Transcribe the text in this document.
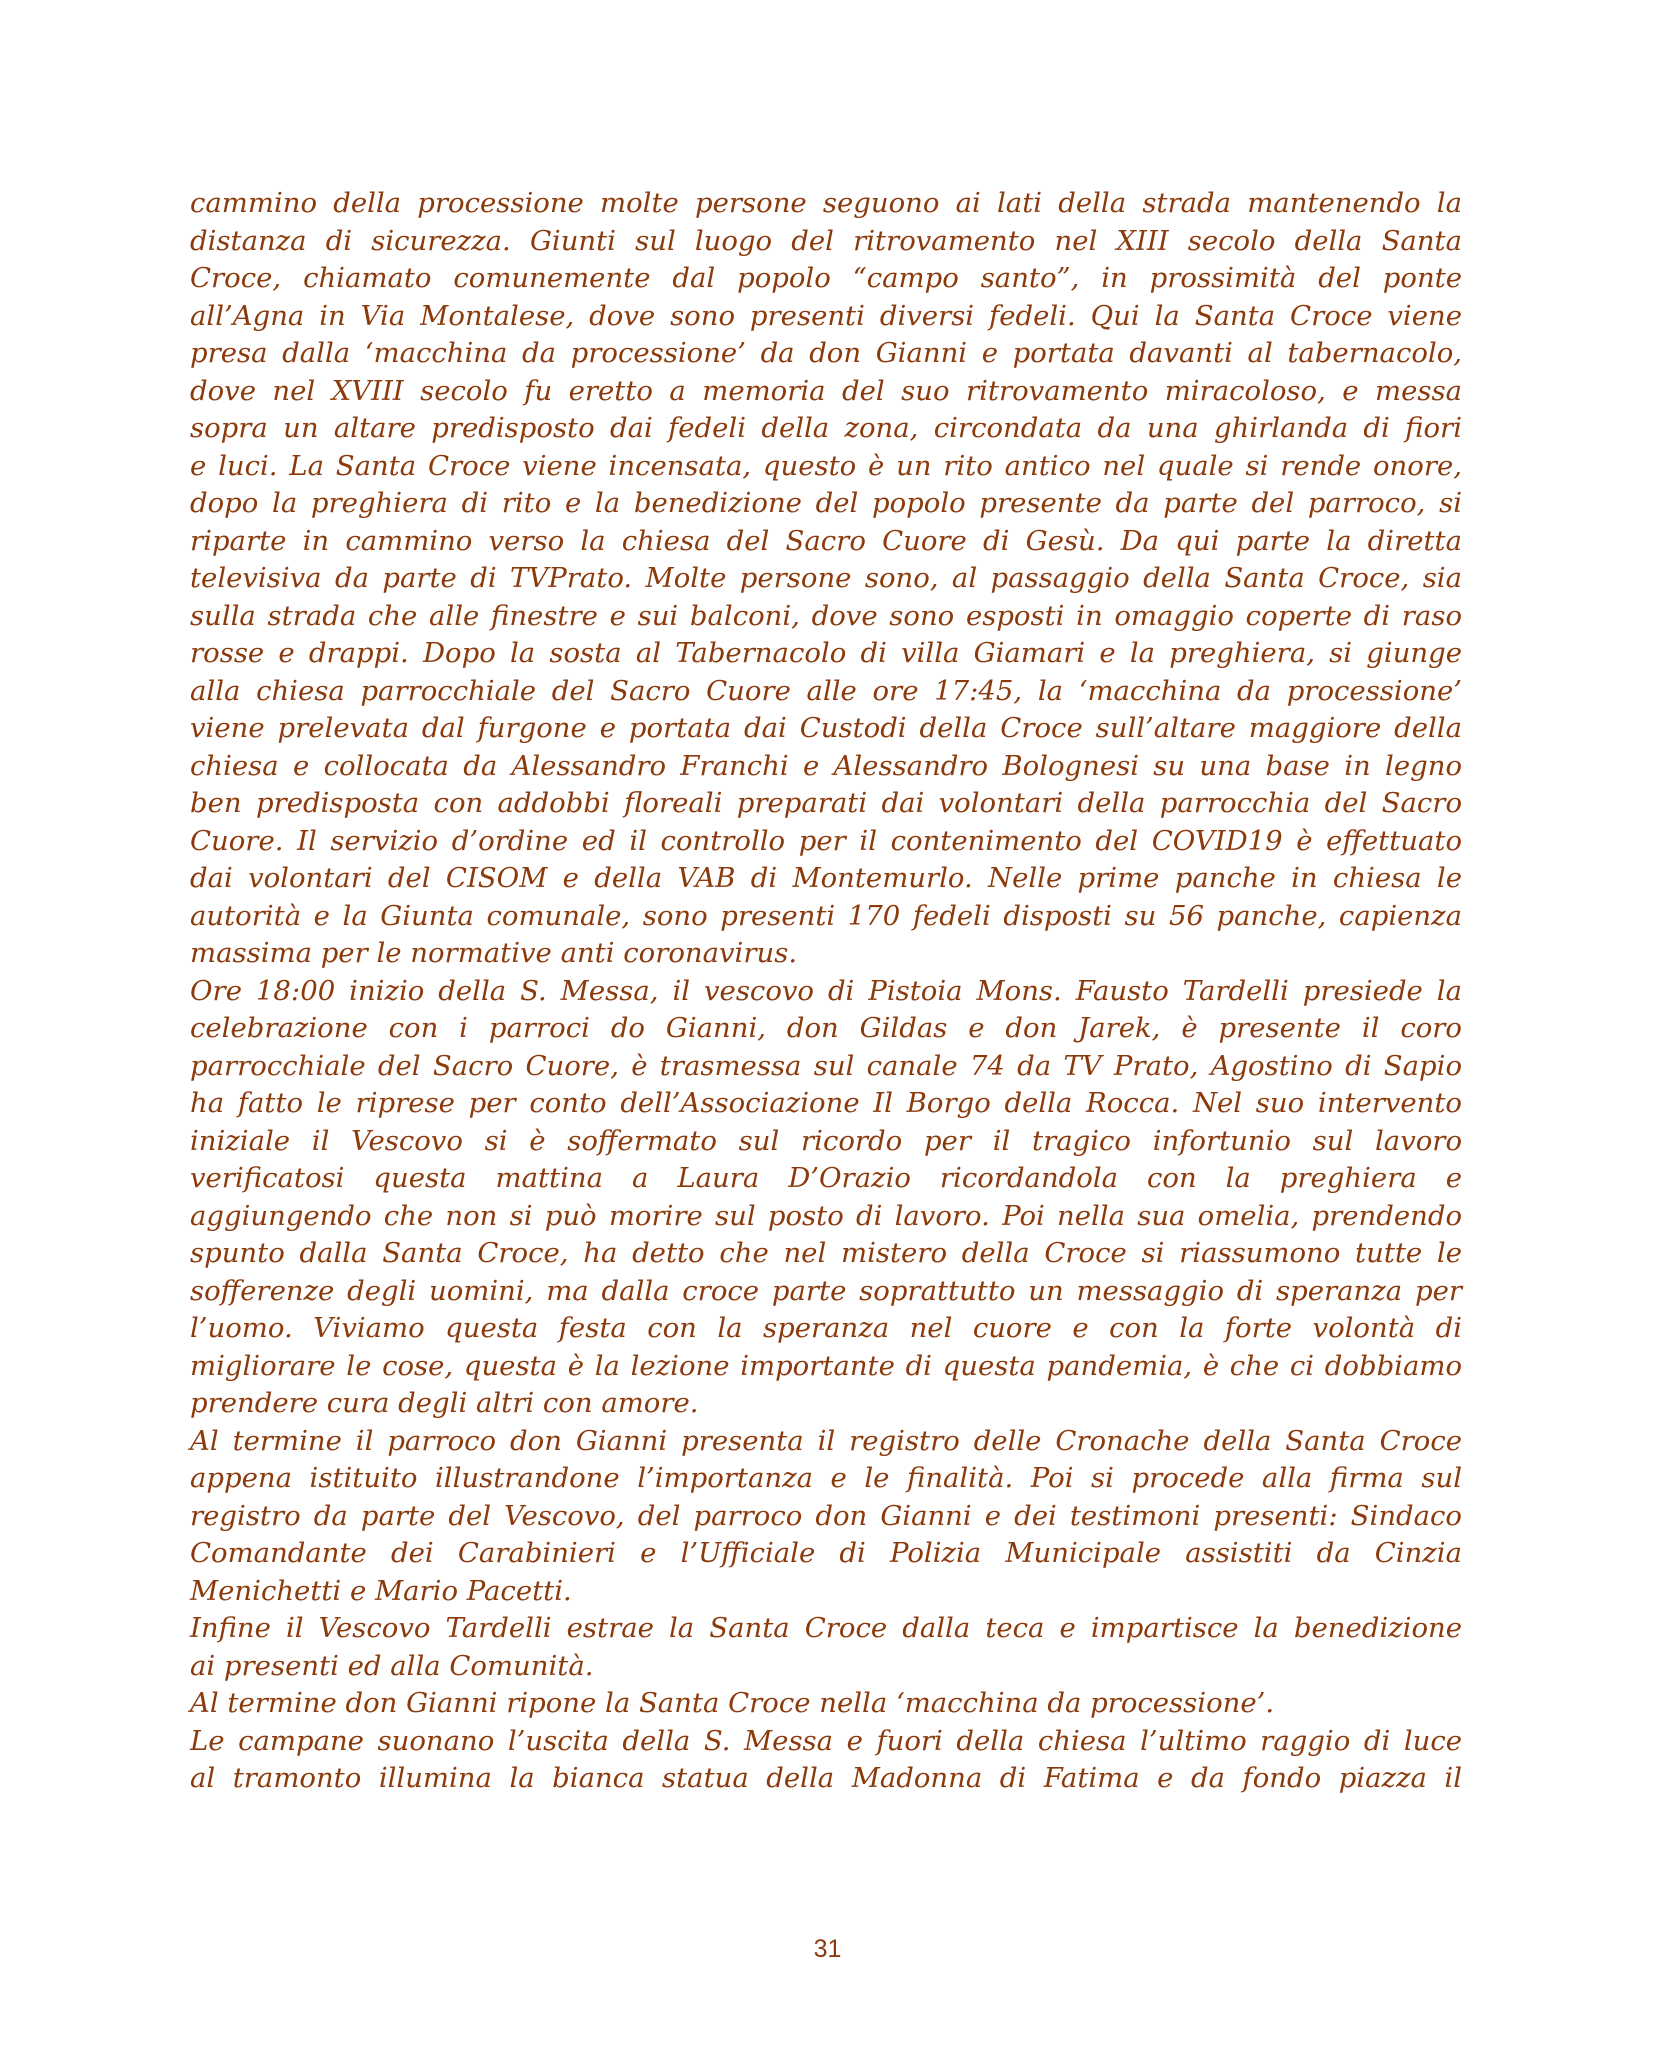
cammino della processione molte persone seguono ai lati della strada mantenendo la
distanza di sicurezza. Giunti sul luogo del ritrovamento nel XIII secolo della Santa
Croce, chiamato comunemente dal popolo “campo santo”, in prossimità del ponte
all’Agna in Via Montalese, dove sono presenti diversi fedeli. Qui la Santa Croce viene
presa dalla ‘macchina da processione’ da don Gianni e portata davanti al tabernacolo,
dove nel XVIII secolo fu eretto a memoria del suo ritrovamento miracoloso, e messa
sopra un altare predisposto dai fedeli della zona, circondata da una ghirlanda di fiori
e luci. La Santa Croce viene incensata, questo è un rito antico nel quale si rende onore,
dopo la preghiera di rito e la benedizione del popolo presente da parte del parroco, si
riparte in cammino verso la chiesa del Sacro Cuore di Gesù. Da qui parte la diretta
televisiva da parte di TVPrato. Molte persone sono, al passaggio della Santa Croce, sia
sulla strada che alle finestre e sui balconi, dove sono esposti in omaggio coperte di raso
rosse e drappi. Dopo la sosta al Tabernacolo di villa Giamari e la preghiera, si giunge
alla chiesa parrocchiale del Sacro Cuore alle ore 17:45, la ‘macchina da processione’
viene prelevata dal furgone e portata dai Custodi della Croce sull’altare maggiore della
chiesa e collocata da Alessandro Franchi e Alessandro Bolognesi su una base in legno
ben predisposta con addobbi floreali preparati dai volontari della parrocchia del Sacro
Cuore. Il servizio d’ordine ed il controllo per il contenimento del COVID19 è effettuato
dai volontari del CISOM e della VAB di Montemurlo. Nelle prime panche in chiesa le
autorità e la Giunta comunale, sono presenti 170 fedeli disposti su 56 panche, capienza
massima per le normative anti coronavirus.
Ore 18:00 inizio della S. Messa, il vescovo di Pistoia Mons. Fausto Tardelli presiede la
celebrazione con i parroci do Gianni, don Gildas e don Jarek, è presente il coro
parrocchiale del Sacro Cuore, è trasmessa sul canale 74 da TV Prato, Agostino di Sapio
ha fatto le riprese per conto dell’Associazione Il Borgo della Rocca. Nel suo intervento
iniziale il Vescovo si è soffermato sul ricordo per il tragico infortunio sul lavoro
verificatosi questa mattina a Laura D’Orazio ricordandola con la preghiera e
aggiungendo che non si può morire sul posto di lavoro. Poi nella sua omelia, prendendo
spunto dalla Santa Croce, ha detto che nel mistero della Croce si riassumono tutte le
sofferenze degli uomini, ma dalla croce parte soprattutto un messaggio di speranza per
l’uomo. Viviamo questa festa con la speranza nel cuore e con la forte volontà di
migliorare le cose, questa è la lezione importante di questa pandemia, è che ci dobbiamo
prendere cura degli altri con amore.
Al termine il parroco don Gianni presenta il registro delle Cronache della Santa Croce
appena istituito illustrandone l’importanza e le finalità. Poi si procede alla firma sul
registro da parte del Vescovo, del parroco don Gianni e dei testimoni presenti: Sindaco
Comandante dei Carabinieri e l’Ufficiale di Polizia Municipale assistiti da Cinzia
Menichetti e Mario Pacetti.
Infine il Vescovo Tardelli estrae la Santa Croce dalla teca e impartisce la benedizione
ai presenti ed alla Comunità.
Al termine don Gianni ripone la Santa Croce nella ‘macchina da processione’.
Le campane suonano l’uscita della S. Messa e fuori della chiesa l’ultimo raggio di luce
al tramonto illumina la bianca statua della Madonna di Fatima e da fondo piazza il
31
